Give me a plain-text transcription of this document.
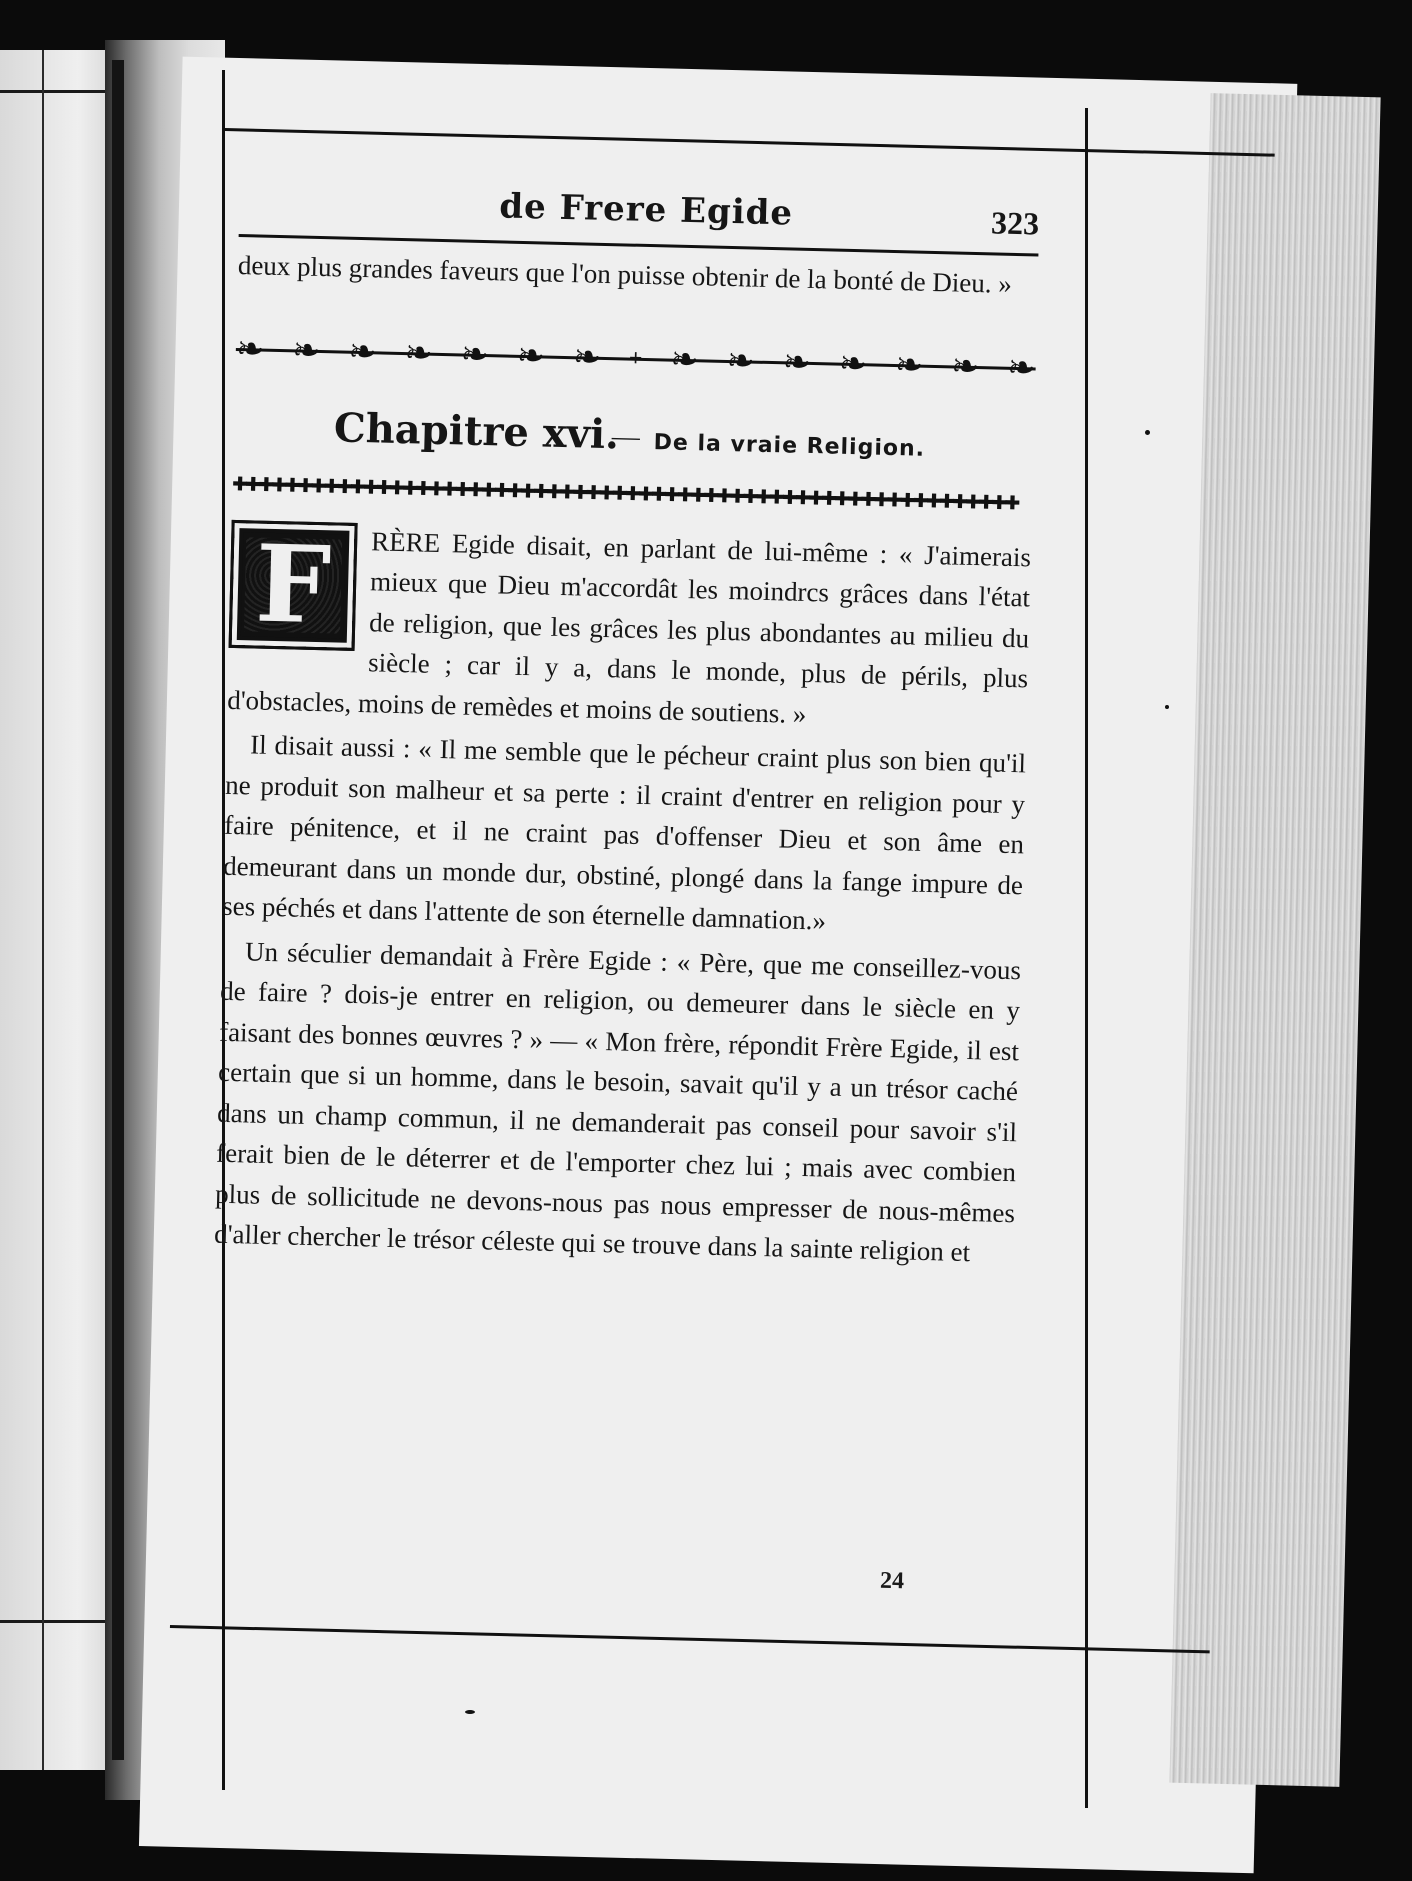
de Frere Egide	323

deux plus grandes faveurs que l'on puisse obtenir de la bonté de Dieu. »

❧ ❧ ❧ ❧ ❧ ❧ ❧ + ❧ ❧ ❧ ❧ ❧ ❧ ❧
Chapitre xvi.
— De la vraie Religion.
✚✚✚✚✚✚✚✚✚✚✚✚✚✚✚✚✚✚✚✚✚✚✚✚✚✚✚✚✚✚✚✚✚✚✚✚✚✚✚✚✚✚✚✚✚✚✚✚✚✚✚✚✚✚✚✚✚✚✚✚
F	RÈRE Egide disait, en parlant de lui-même : « J'aimerais mieux que Dieu m'accordât les moindrcs grâces dans l'état de religion, que les grâces les plus abondantes au milieu du siècle ; car il y a, dans le monde, plus de périls, plus d'obstacles, moins de remèdes et moins de soutiens. »

Il disait aussi : « Il me semble que le pécheur craint plus son bien qu'il ne produit son malheur et sa perte : il craint d'entrer en religion pour y faire pénitence, et il ne craint pas d'offenser Dieu et son âme en demeurant dans un monde dur, obstiné, plongé dans la fange impure de ses péchés et dans l'attente de son éternelle damnation.»

Un séculier demandait à Frère Egide : « Père, que me conseillez-vous de faire ? dois-je entrer en religion, ou demeurer dans le siècle en y faisant des bonnes œuvres ? » — « Mon frère, répondit Frère Egide, il est certain que si un homme, dans le besoin, savait qu'il y a un trésor caché dans un champ commun, il ne demanderait pas conseil pour savoir s'il ferait bien de le déterrer et de l'emporter chez lui ; mais avec combien plus de sollicitude ne devons-nous pas nous empresser de nous-mêmes d'aller chercher le trésor céleste qui se trouve dans la sainte religion et

24
